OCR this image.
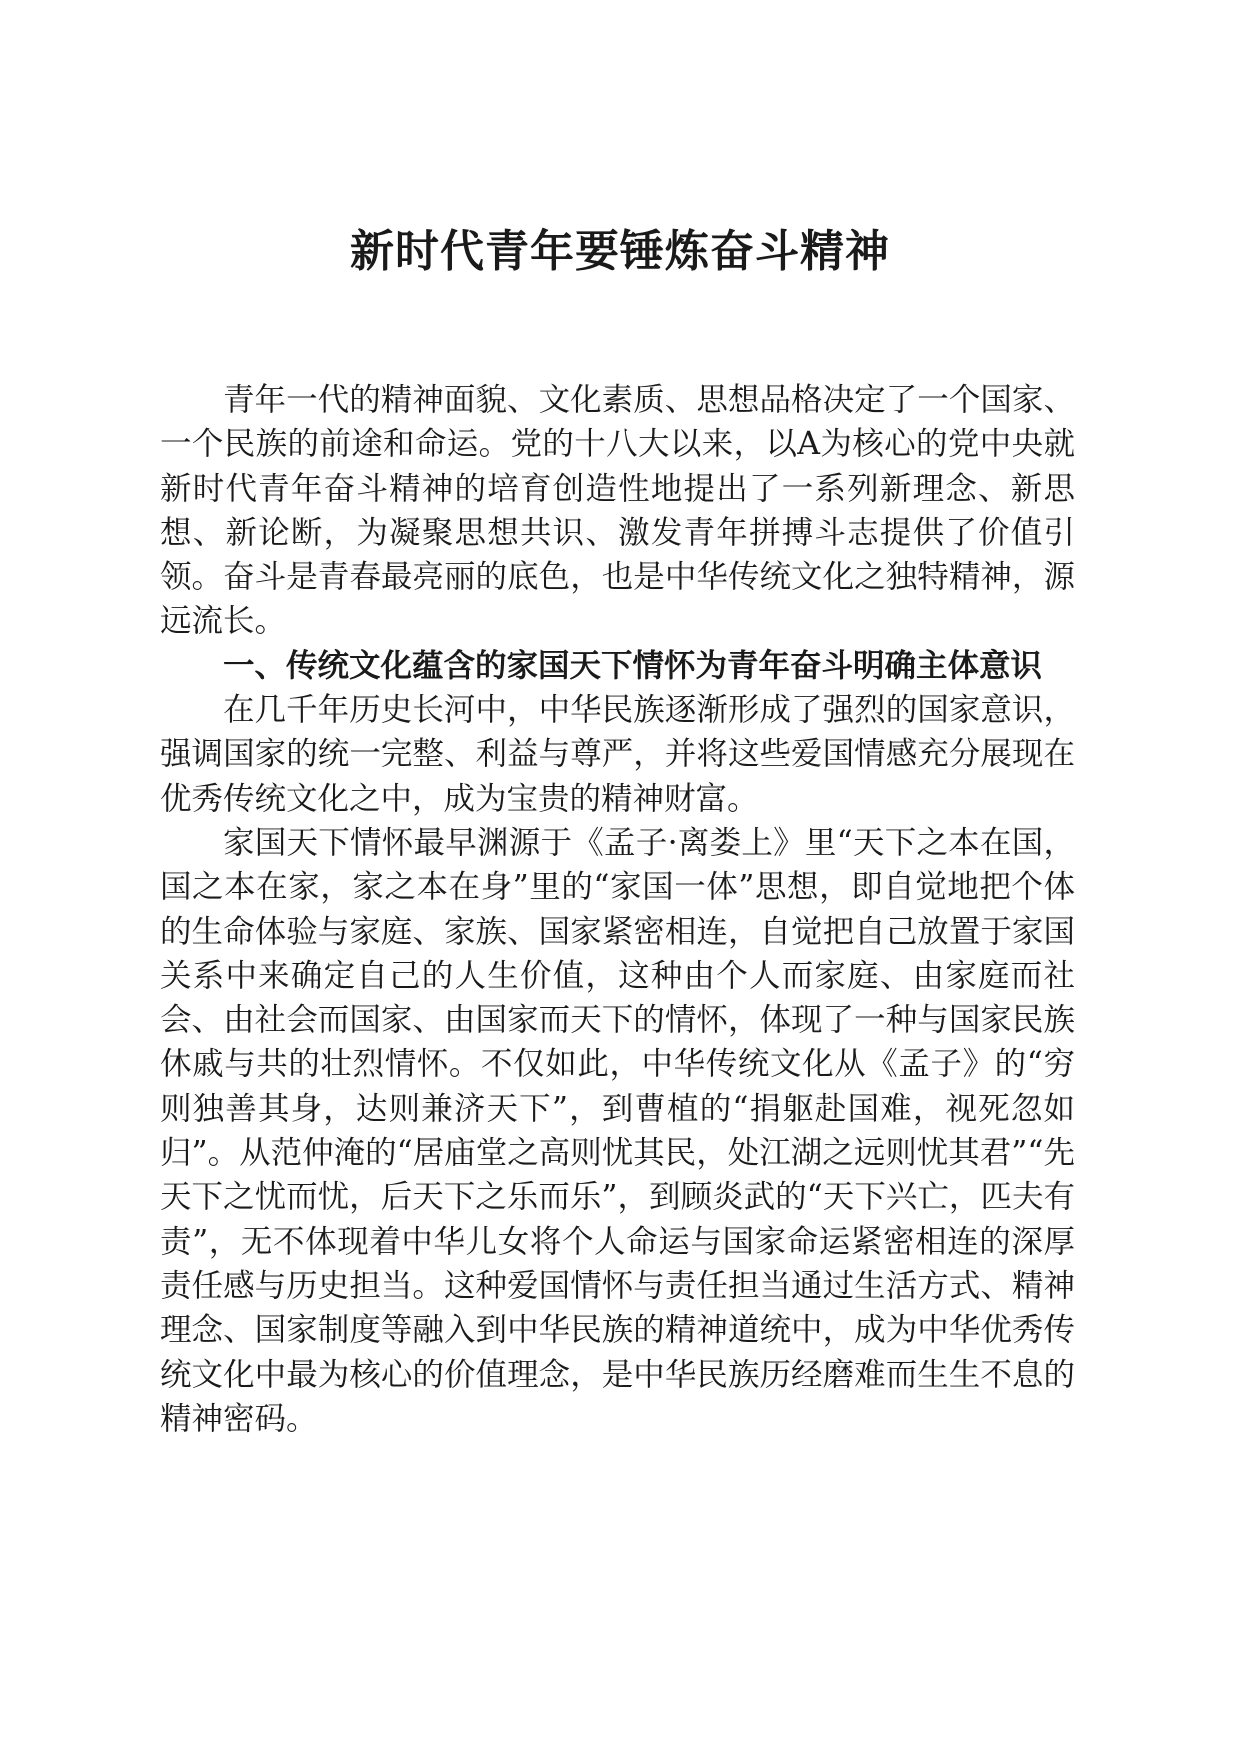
新时代青年要锤炼奋斗精神

青年一代的精神面貌、文化素质、思想品格决定了一个国家、一个民族的前途和命运。党的十八大以来，以A为核心的党中央就新时代青年奋斗精神的培育创造性地提出了一系列新理念、新思想、新论断，为凝聚思想共识、激发青年拼搏斗志提供了价值引领。奋斗是青春最亮丽的底色，也是中华传统文化之独特精神，源远流长。

一、传统文化蕴含的家国天下情怀为青年奋斗明确主体意识

在几千年历史长河中，中华民族逐渐形成了强烈的国家意识，强调国家的统一完整、利益与尊严，并将这些爱国情感充分展现在优秀传统文化之中，成为宝贵的精神财富。

家国天下情怀最早渊源于《孟子·离娄上》里“天下之本在国，国之本在家，家之本在身”里的“家国一体”思想，即自觉地把个体的生命体验与家庭、家族、国家紧密相连，自觉把自己放置于家国关系中来确定自己的人生价值，这种由个人而家庭、由家庭而社会、由社会而国家、由国家而天下的情怀，体现了一种与国家民族休戚与共的壮烈情怀。不仅如此，中华传统文化从《孟子》的“穷则独善其身，达则兼济天下”，到曹植的“捐躯赴国难，视死忽如归”。从范仲淹的“居庙堂之高则忧其民，处江湖之远则忧其君”“先天下之忧而忧，后天下之乐而乐”，到顾炎武的“天下兴亡，匹夫有责”，无不体现着中华儿女将个人命运与国家命运紧密相连的深厚责任感与历史担当。这种爱国情怀与责任担当通过生活方式、精神理念、国家制度等融入到中华民族的精神道统中，成为中华优秀传统文化中最为核心的价值理念，是中华民族历经磨难而生生不息的精神密码。
